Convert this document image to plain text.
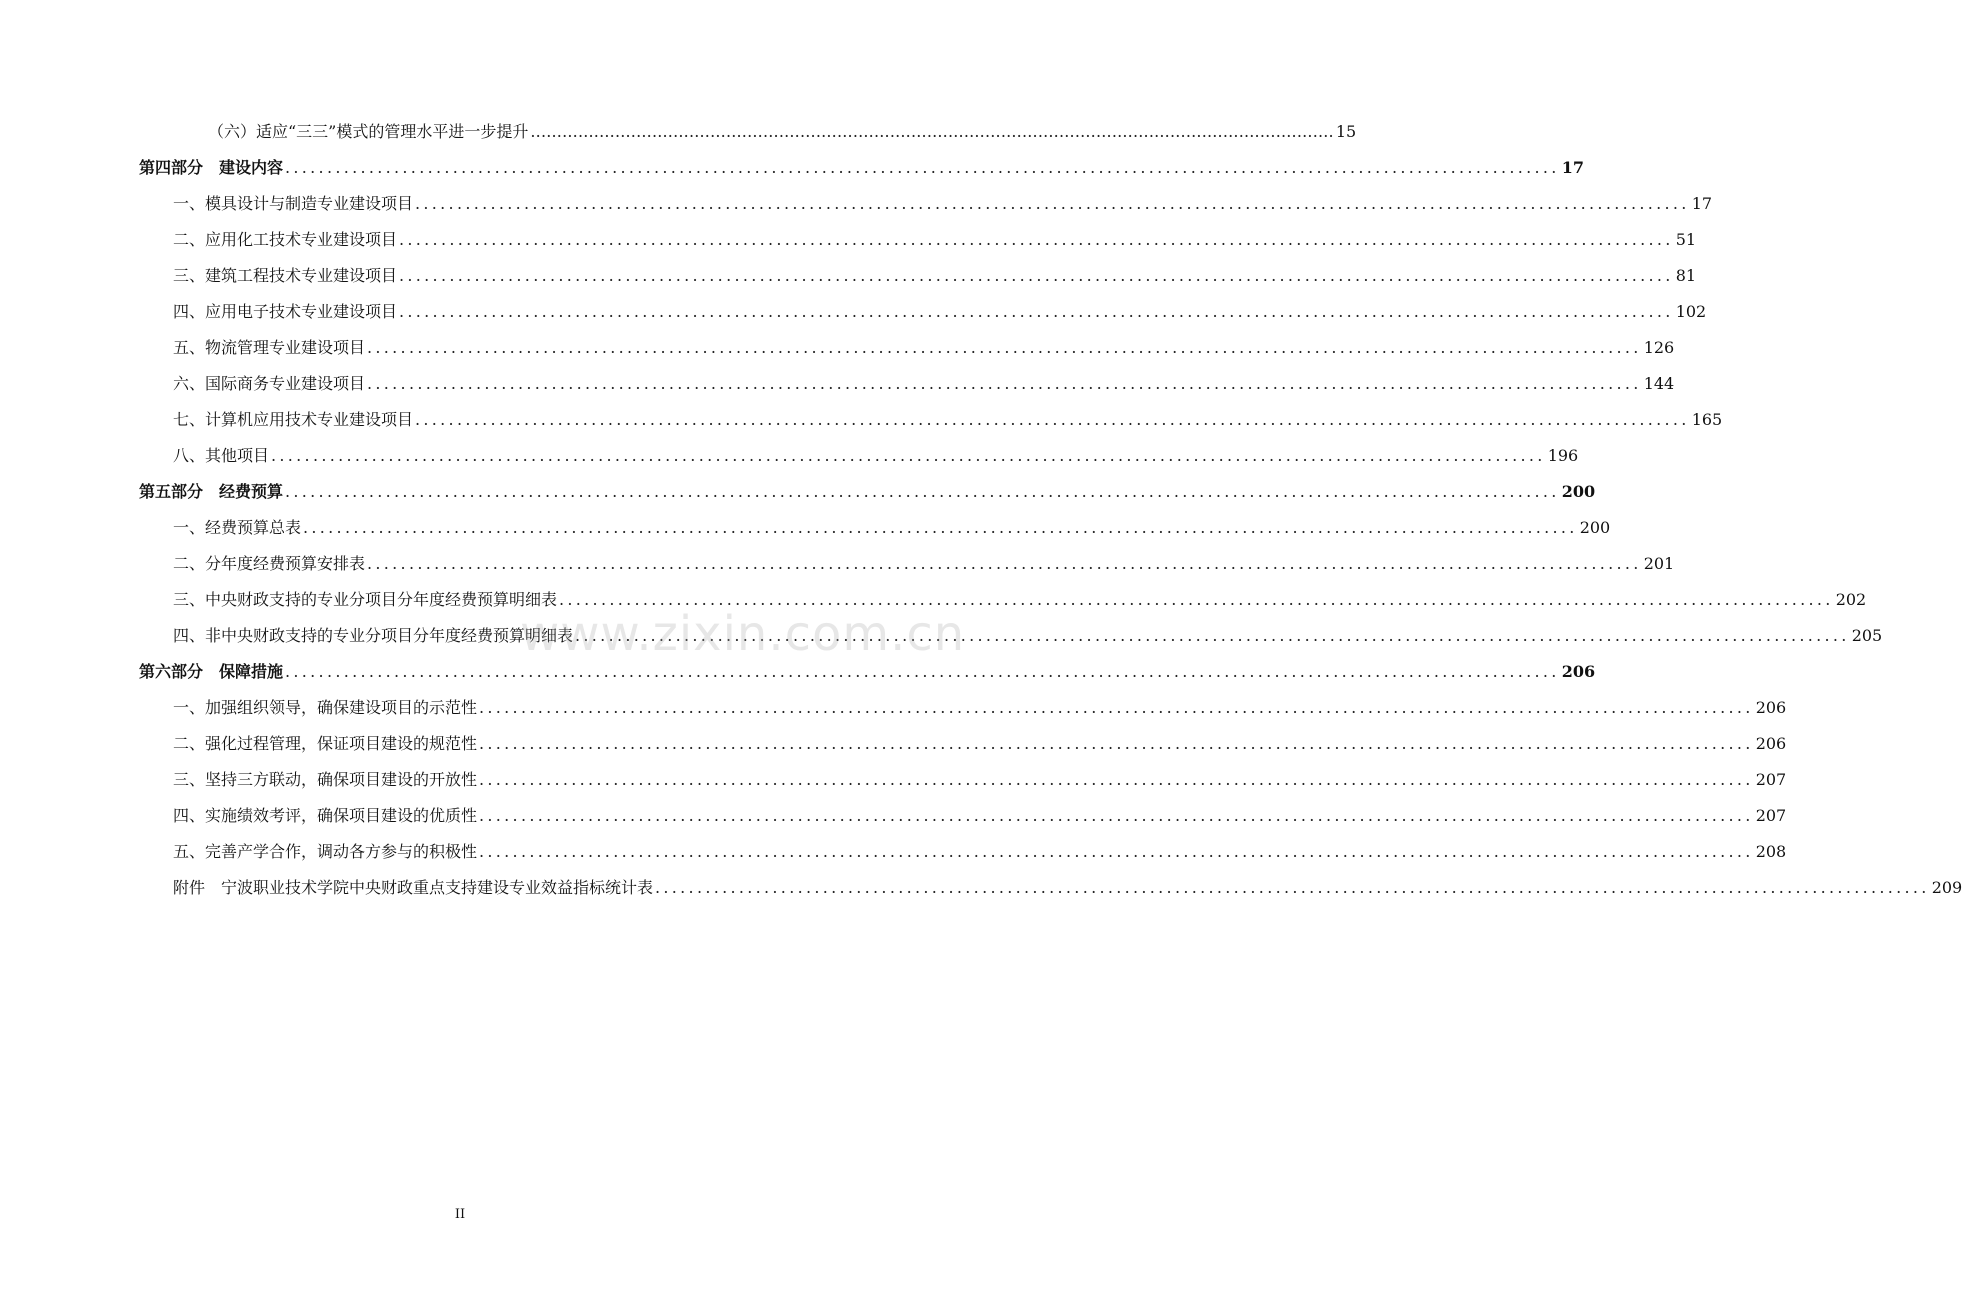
（六）适应“三三”模式的管理水平进一步提升 .....	15
第四部分　建设内容 .....	17
一、模具设计与制造专业建设项目 .....	17
二、应用化工技术专业建设项目 .....	51
三、建筑工程技术专业建设项目 .....	81
四、应用电子技术专业建设项目 .....	102
五、物流管理专业建设项目 .....	126
六、国际商务专业建设项目 .....	144
七、计算机应用技术专业建设项目 .....	165
八、其他项目 .....	196
第五部分　经费预算 .....	200
一、经费预算总表 .....	200
二、分年度经费预算安排表 .....	201
三、中央财政支持的专业分项目分年度经费预算明细表 .....	202
四、非中央财政支持的专业分项目分年度经费预算明细表 .....	205
第六部分　保障措施 .....	206
一、加强组织领导，确保建设项目的示范性 .....	206
二、强化过程管理，保证项目建设的规范性 .....	206
三、坚持三方联动，确保项目建设的开放性 .....	207
四、实施绩效考评，确保项目建设的优质性 .....	207
五、完善产学合作，调动各方参与的积极性 .....	208
附件　宁波职业技术学院中央财政重点支持建设专业效益指标统计表 .....	209
www.zixin.com.cn
II
